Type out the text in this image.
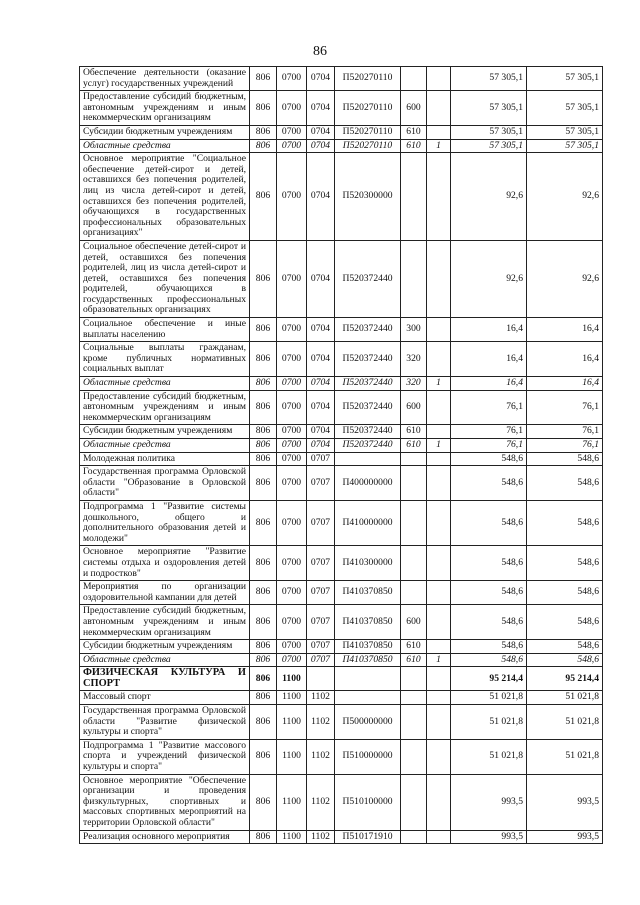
86
Обеспечение деятельности (оказание услуг) государственных учреждений	806	0700	0704	П520270110			57 305,1	57 305,1
Предоставление субсидий бюджетным, автономным учреждениям и иным некоммерческим организациям	806	0700	0704	П520270110	600		57 305,1	57 305,1
Субсидии бюджетным учреждениям	806	0700	0704	П520270110	610		57 305,1	57 305,1
Областные средства	806	0700	0704	П520270110	610	1	57 305,1	57 305,1
Основное мероприятие "Социальное обеспечение детей-сирот и детей, оставшихся без попечения родителей, лиц из числа детей-сирот и детей, оставшихся без попечения родителей, обучающихся в государственных профессиональных образовательных организациях"	806	0700	0704	П520300000			92,6	92,6
Социальное обеспечение детей-сирот и детей, оставшихся без попечения родителей, лиц из числа детей-сирот и детей, оставшихся без попечения родителей, обучающихся в государственных профессиональных образовательных организациях	806	0700	0704	П520372440			92,6	92,6
Социальное обеспечение и иные выплаты населению	806	0700	0704	П520372440	300		16,4	16,4
Социальные выплаты гражданам, кроме публичных нормативных социальных выплат	806	0700	0704	П520372440	320		16,4	16,4
Областные средства	806	0700	0704	П520372440	320	1	16,4	16,4
Предоставление субсидий бюджетным, автономным учреждениям и иным некоммерческим организациям	806	0700	0704	П520372440	600		76,1	76,1
Субсидии бюджетным учреждениям	806	0700	0704	П520372440	610		76,1	76,1
Областные средства	806	0700	0704	П520372440	610	1	76,1	76,1
Молодежная политика	806	0700	0707				548,6	548,6
Государственная программа Орловской области "Образование в Орловской области"	806	0700	0707	П400000000			548,6	548,6
Подпрограмма 1 "Развитие системы дошкольного, общего и дополнительного образования детей и молодежи"	806	0700	0707	П410000000			548,6	548,6
Основное мероприятие "Развитие системы отдыха и оздоровления детей и подростков"	806	0700	0707	П410300000			548,6	548,6
Мероприятия по организации оздоровительной кампании для детей	806	0700	0707	П410370850			548,6	548,6
Предоставление субсидий бюджетным, автономным учреждениям и иным некоммерческим организациям	806	0700	0707	П410370850	600		548,6	548,6
Субсидии бюджетным учреждениям	806	0700	0707	П410370850	610		548,6	548,6
Областные средства	806	0700	0707	П410370850	610	1	548,6	548,6
ФИЗИЧЕСКАЯ КУЛЬТУРА И СПОРТ	806	1100					95 214,4	95 214,4
Массовый спорт	806	1100	1102				51 021,8	51 021,8
Государственная программа Орловской области "Развитие физической культуры и спорта"	806	1100	1102	П500000000			51 021,8	51 021,8
Подпрограмма 1 "Развитие массового спорта и учреждений физической культуры и спорта"	806	1100	1102	П510000000			51 021,8	51 021,8
Основное мероприятие "Обеспечение организации и проведения физкультурных, спортивных и массовых спортивных мероприятий на территории Орловской области"	806	1100	1102	П510100000			993,5	993,5
Реализация основного мероприятия	806	1100	1102	П510171910			993,5	993,5
